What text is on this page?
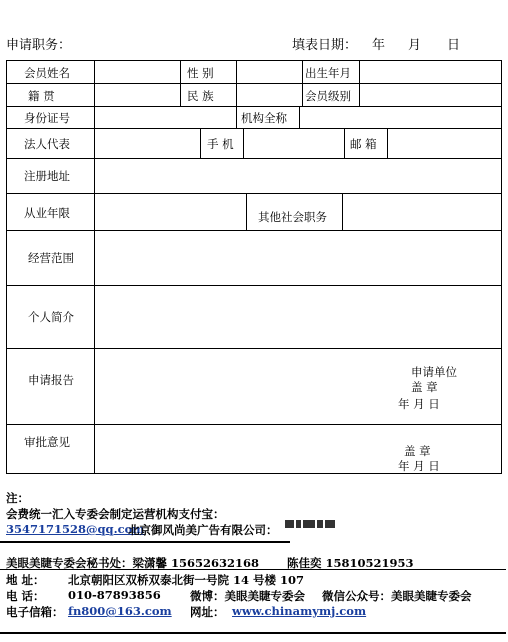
申请职务：	填表日期： 年 月 日
会员姓名	性 别	出生年月
籍 贯	民 族	会员级别
身份证号	机构全称
法人代表	手 机	邮 箱
注册地址
从业年限	其他社会职务
经营范围
个人简介
申请报告
申请单位
盖 章
年 月 日
审批意见
盖 章
年 月 日
注：
会费统一汇入专委会制定运营机构支付宝：
3547171528@qq.com
北京御风尚美广告有限公司：
美眼美睫专委会秘书处：梁潇馨 15652632168 陈佳奕 15810521953
地 址： 北京朝阳区双桥双泰北街一号院 14 号楼 107
电 话： 010-87893856	微博：美眼美睫专委会 微信公众号：美眼美睫专委会
电子信箱： fn800@163.com 网址： www.chinamymj.com
